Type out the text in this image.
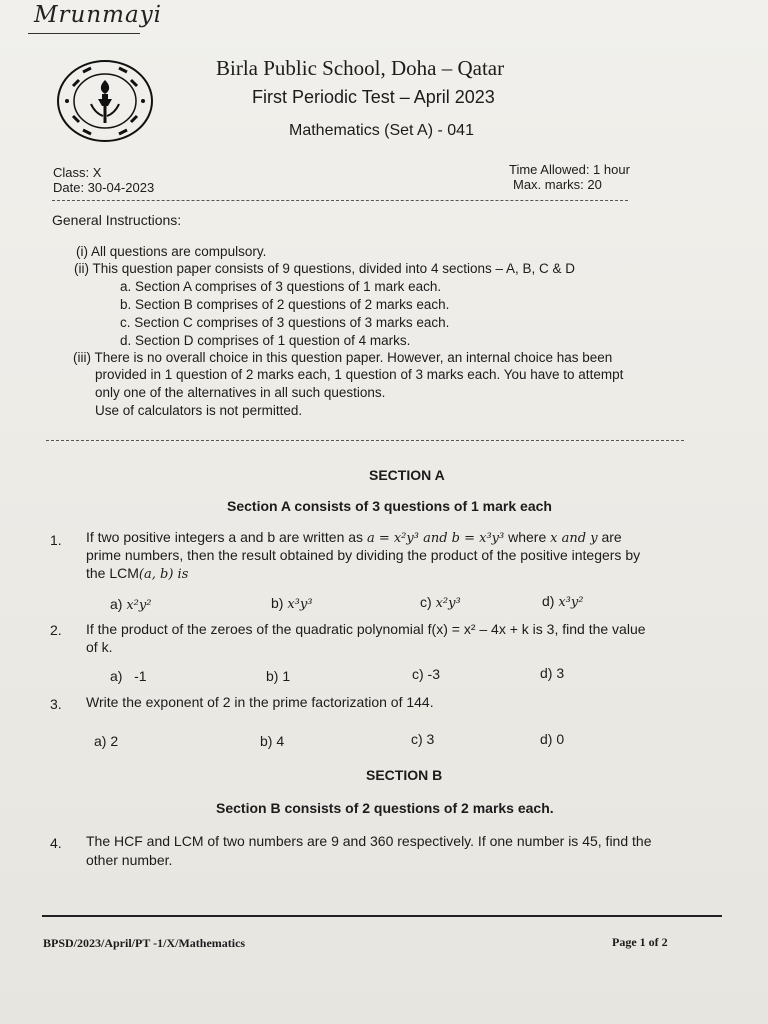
Mrunmayi
Birla Public School, Doha – Qatar
First Periodic Test – April 2023
Mathematics (Set A) - 041
Class: X
Date: 30-04-2023
Time Allowed: 1 hour
Max. marks: 20
General Instructions:
(i) All questions are compulsory.
(ii) This question paper consists of 9 questions, divided into 4 sections – A, B, C & D
a. Section A comprises of 3 questions of 1 mark each.
b. Section B comprises of 2 questions of 2 marks each.
c. Section C comprises of 3 questions of 3 marks each.
d. Section D comprises of 1 question of 4 marks.
(iii) There is no overall choice in this question paper. However, an internal choice has been
provided in 1 question of 2 marks each, 1 question of 3 marks each. You have to attempt
only one of the alternatives in all such questions.
Use of calculators is not permitted.
SECTION A
Section A consists of 3 questions of 1 mark each
1. If two positive integers a and b are written as a = x²y³ and b = x³y³ where x and y are
prime numbers, then the result obtained by dividing the product of the positive integers by
the LCM(a, b) is
a) x²y²	b) x³y³	c) x²y³	d) x³y²
2. If the product of the zeroes of the quadratic polynomial f(x) = x² – 4x + k is 3, find the value
of k.
a)   -1	b) 1	c) -3	d) 3
3. Write the exponent of 2 in the prime factorization of 144.
a) 2	b) 4	c) 3	d) 0
SECTION B
Section B consists of 2 questions of 2 marks each.
4. The HCF and LCM of two numbers are 9 and 360 respectively. If one number is 45, find the
other number.
BPSD/2023/April/PT -1/X/Mathematics	Page 1 of 2
